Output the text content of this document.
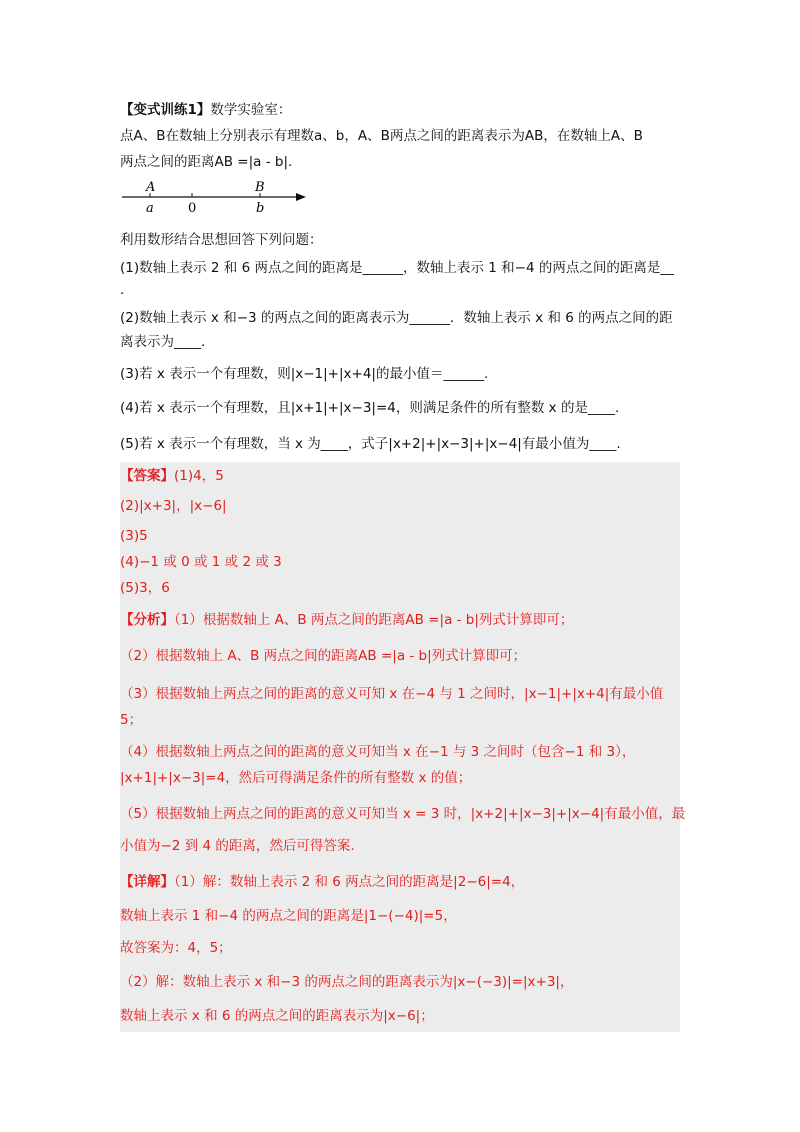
【变式训练1】数学实验室：
点A、B在数轴上分别表示有理数a、b，A、B两点之间的距离表示为AB，在数轴上A、B
两点之间的距离AB =|a - b|.
A	B
a	0	b
利用数形结合思想回答下列问题：
(1)数轴上表示 2 和 6 两点之间的距离是______，数轴上表示 1 和−4 的两点之间的距离是__
.
(2)数轴上表示 x 和−3 的两点之间的距离表示为______．数轴上表示 x 和 6 的两点之间的距
离表示为____.
(3)若 x 表示一个有理数，则|x−1|+|x+4|的最小值＝______.
(4)若 x 表示一个有理数，且|x+1|+|x−3|=4，则满足条件的所有整数 x 的是____.
(5)若 x 表示一个有理数，当 x 为____，式子|x+2|+|x−3|+|x−4|有最小值为____.
【答案】(1)4，5
(2)|x+3|，|x−6|
(3)5
(4)−1 或 0 或 1 或 2 或 3
(5)3，6
【分析】（1）根据数轴上 A、B 两点之间的距离AB =|a - b|列式计算即可；
（2）根据数轴上 A、B 两点之间的距离AB =|a - b|列式计算即可；
（3）根据数轴上两点之间的距离的意义可知 x 在−4 与 1 之间时，|x−1|+|x+4|有最小值
5；
（4）根据数轴上两点之间的距离的意义可知当 x 在−1 与 3 之间时（包含−1 和 3），
|x+1|+|x−3|=4，然后可得满足条件的所有整数 x 的值；
（5）根据数轴上两点之间的距离的意义可知当 x = 3 时，|x+2|+|x−3|+|x−4|有最小值，最
小值为−2 到 4 的距离，然后可得答案.
【详解】（1）解：数轴上表示 2 和 6 两点之间的距离是|2−6|=4，
数轴上表示 1 和−4 的两点之间的距离是|1−(−4)|=5，
故答案为：4，5；
（2）解：数轴上表示 x 和−3 的两点之间的距离表示为|x−(−3)|=|x+3|，
数轴上表示 x 和 6 的两点之间的距离表示为|x−6|；
